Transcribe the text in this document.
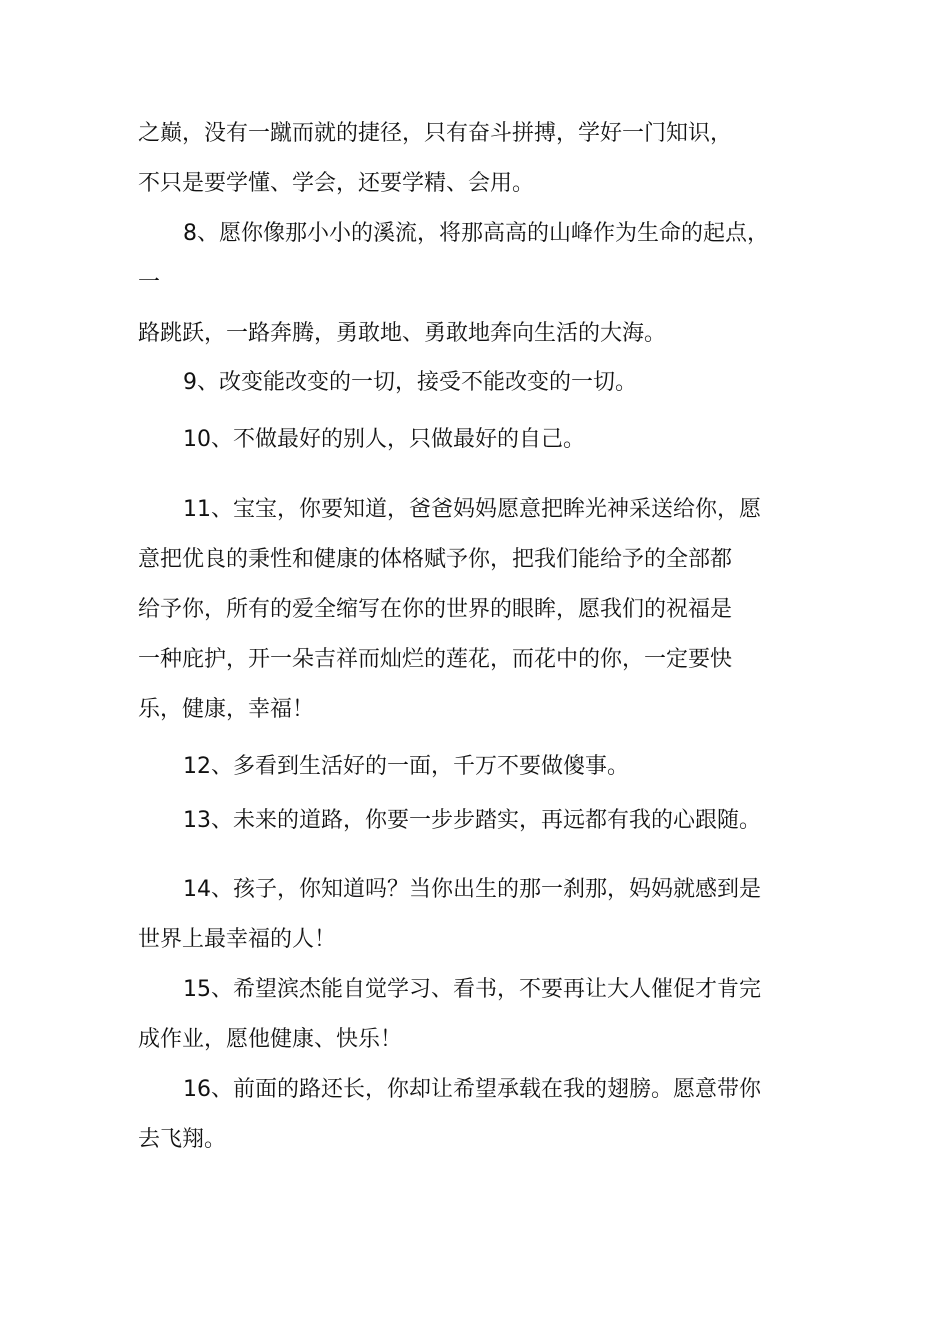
之巅，没有一蹴而就的捷径，只有奋斗拼搏，学好一门知识，
不只是要学懂、学会，还要学精、会用。
8、愿你像那小小的溪流，将那高高的山峰作为生命的起点，
一
路跳跃，一路奔腾，勇敢地、勇敢地奔向生活的大海。
9、改变能改变的一切，接受不能改变的一切。
10、不做最好的别人，只做最好的自己。
11、宝宝，你要知道，爸爸妈妈愿意把眸光神采送给你，愿
意把优良的秉性和健康的体格赋予你，把我们能给予的全部都
给予你，所有的爱全缩写在你的世界的眼眸，愿我们的祝福是
一种庇护，开一朵吉祥而灿烂的莲花，而花中的你，一定要快
乐，健康，幸福！
12、多看到生活好的一面，千万不要做傻事。
13、未来的道路，你要一步步踏实，再远都有我的心跟随。
14、孩子，你知道吗？当你出生的那一刹那，妈妈就感到是
世界上最幸福的人！
15、希望滨杰能自觉学习、看书，不要再让大人催促才肯完
成作业，愿他健康、快乐！
16、前面的路还长，你却让希望承载在我的翅膀。愿意带你
去飞翔。
